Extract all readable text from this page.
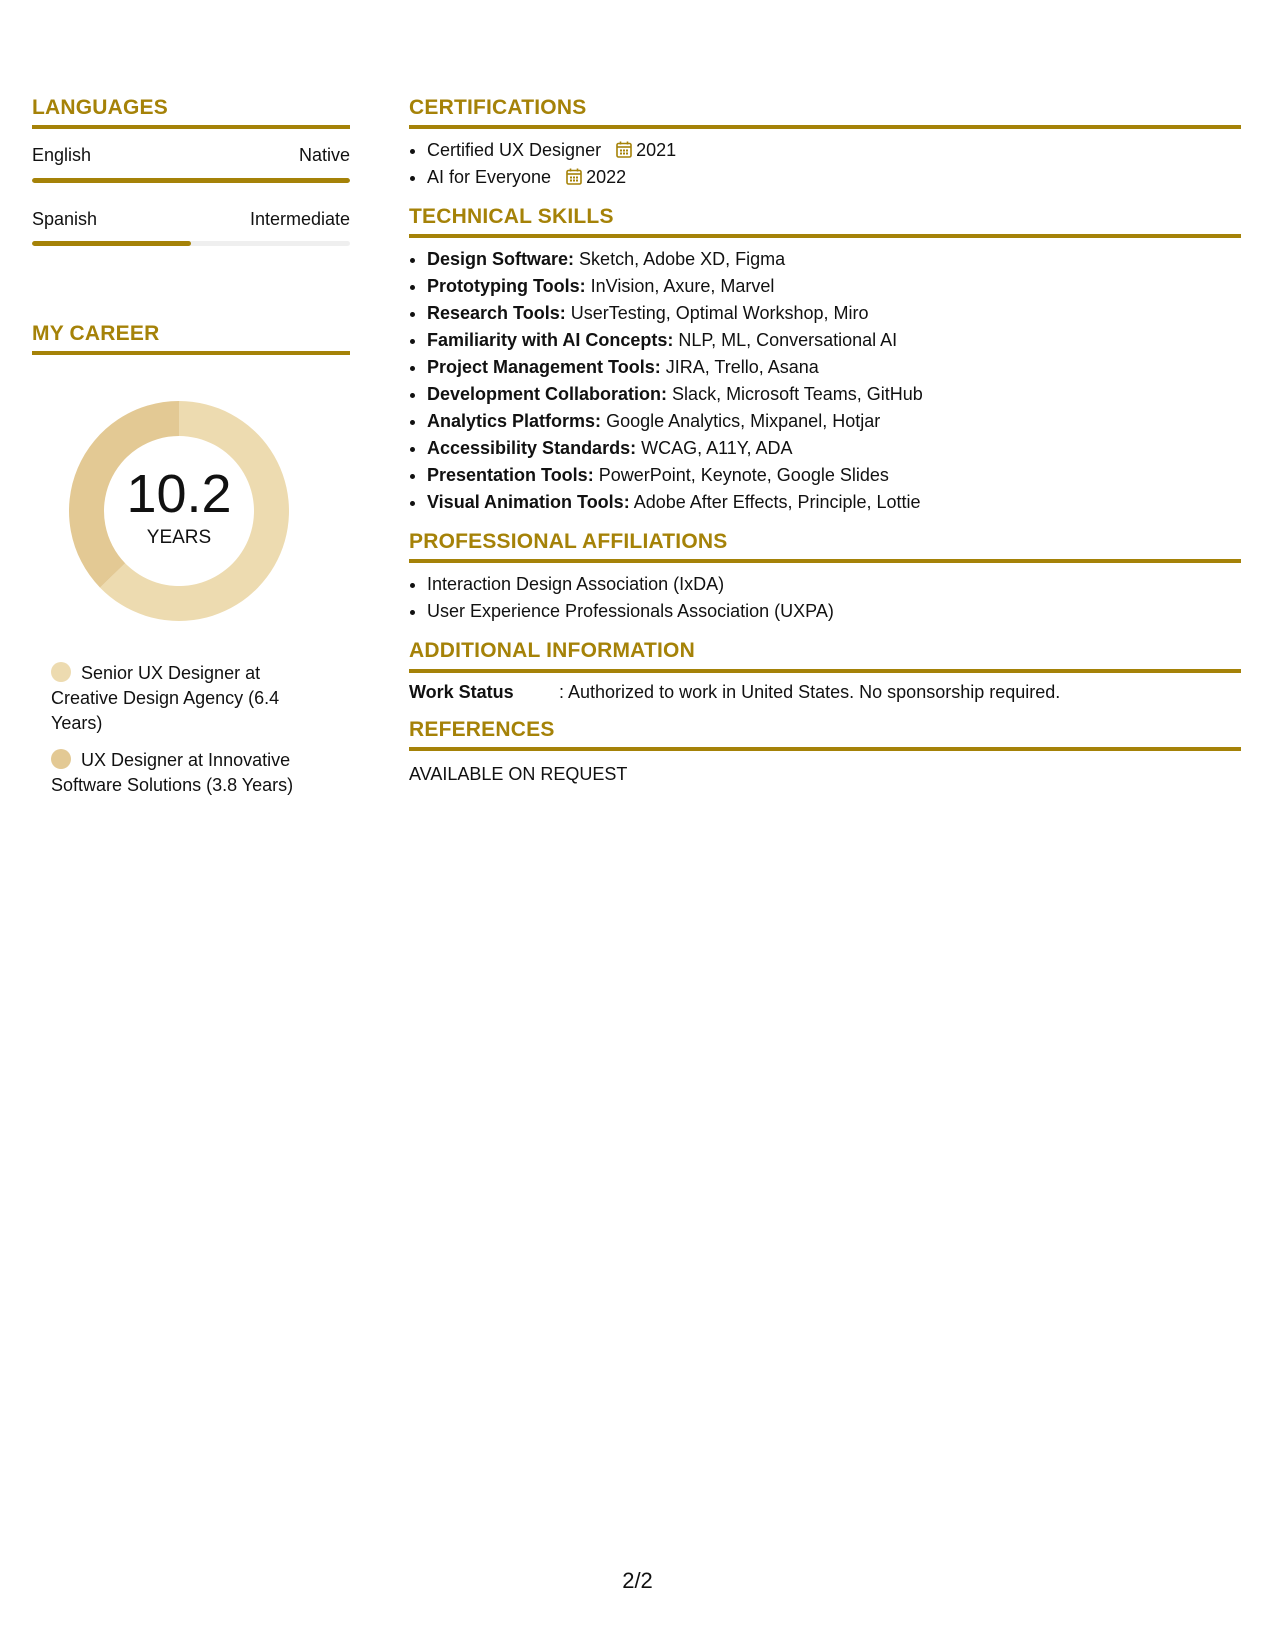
LANGUAGES
English	Native
Spanish	Intermediate
MY CAREER
10.2
YEARS
Senior UX Designer at Creative Design Agency (6.4 Years)
UX Designer at Innovative Software Solutions (3.8 Years)
CERTIFICATIONS
• Certified UX Designer 2021
• AI for Everyone 2022
TECHNICAL SKILLS
• Design Software: Sketch, Adobe XD, Figma
• Prototyping Tools: InVision, Axure, Marvel
• Research Tools: UserTesting, Optimal Workshop, Miro
• Familiarity with AI Concepts: NLP, ML, Conversational AI
• Project Management Tools: JIRA, Trello, Asana
• Development Collaboration: Slack, Microsoft Teams, GitHub
• Analytics Platforms: Google Analytics, Mixpanel, Hotjar
• Accessibility Standards: WCAG, A11Y, ADA
• Presentation Tools: PowerPoint, Keynote, Google Slides
• Visual Animation Tools: Adobe After Effects, Principle, Lottie
PROFESSIONAL AFFILIATIONS
• Interaction Design Association (IxDA)
• User Experience Professionals Association (UXPA)
ADDITIONAL INFORMATION
Work Status	: Authorized to work in United States. No sponsorship required.
REFERENCES
AVAILABLE ON REQUEST
2/2
